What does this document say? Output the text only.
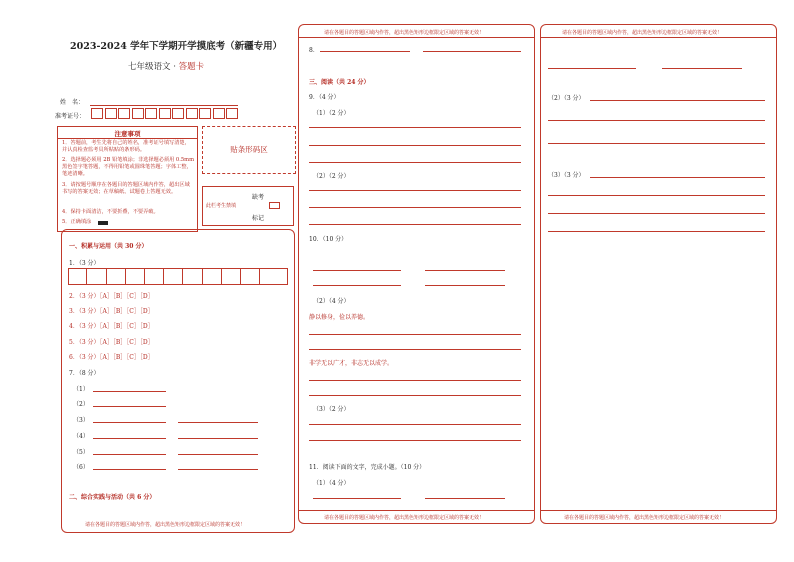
2023-2024 学年下学期开学摸底考（新疆专用）
七年级语文 · 答题卡
姓　名：
准考证号：
注意事项
1．答题前，考生先将自己的姓名，准考证号填写清楚，并认真检查监考员所粘贴的条形码。
2．选择题必须用 2B 铅笔填涂；非选择题必须用 0.5mm 黑色签字笔答题，不得用铅笔或圆珠笔答题；字体工整，笔迹清晰。
3．请按题号顺序在各题目的答题区域内作答，超出区域书写的答案无效；在草稿纸、试题卷上答题无效。
4．保持卡面清洁，不要折叠，不要弄破。
5．正确填涂
贴条形码区
此栏考生禁填
缺考
标记
一、积累与运用（共 30 分）
1．（3 分）
2．（3 分）［A］［B］［C］［D］
3．（3 分）［A］［B］［C］［D］
4．（3 分）［A］［B］［C］［D］
5．（3 分）［A］［B］［C］［D］
6．（3 分）［A］［B］［C］［D］
7．（8 分）
（1）
（2）
（3）
（4）
（5）
（6）
二、综合实践与活动（共 6 分）
请在各题目的答题区域内作答，超出黑色矩形边框限定区域的答案无效！
请在各题目的答题区域内作答，超出黑色矩形边框限定区域的答案无效！
8．
三、阅读（共 24 分）
9．（4 分）
（1）（2 分）
（2）（2 分）
10．（10 分）
（2）（4 分）
静以修身，俭以养德。
非学无以广才，非志无以成学。
（3）（2 分）
11．阅读下面的文字，完成小题。（10 分）
（1）（4 分）
请在各题目的答题区域内作答，超出黑色矩形边框限定区域的答案无效！
请在各题目的答题区域内作答，超出黑色矩形边框限定区域的答案无效！
（2）（3 分）
（3）（3 分）
请在各题目的答题区域内作答，超出黑色矩形边框限定区域的答案无效！
